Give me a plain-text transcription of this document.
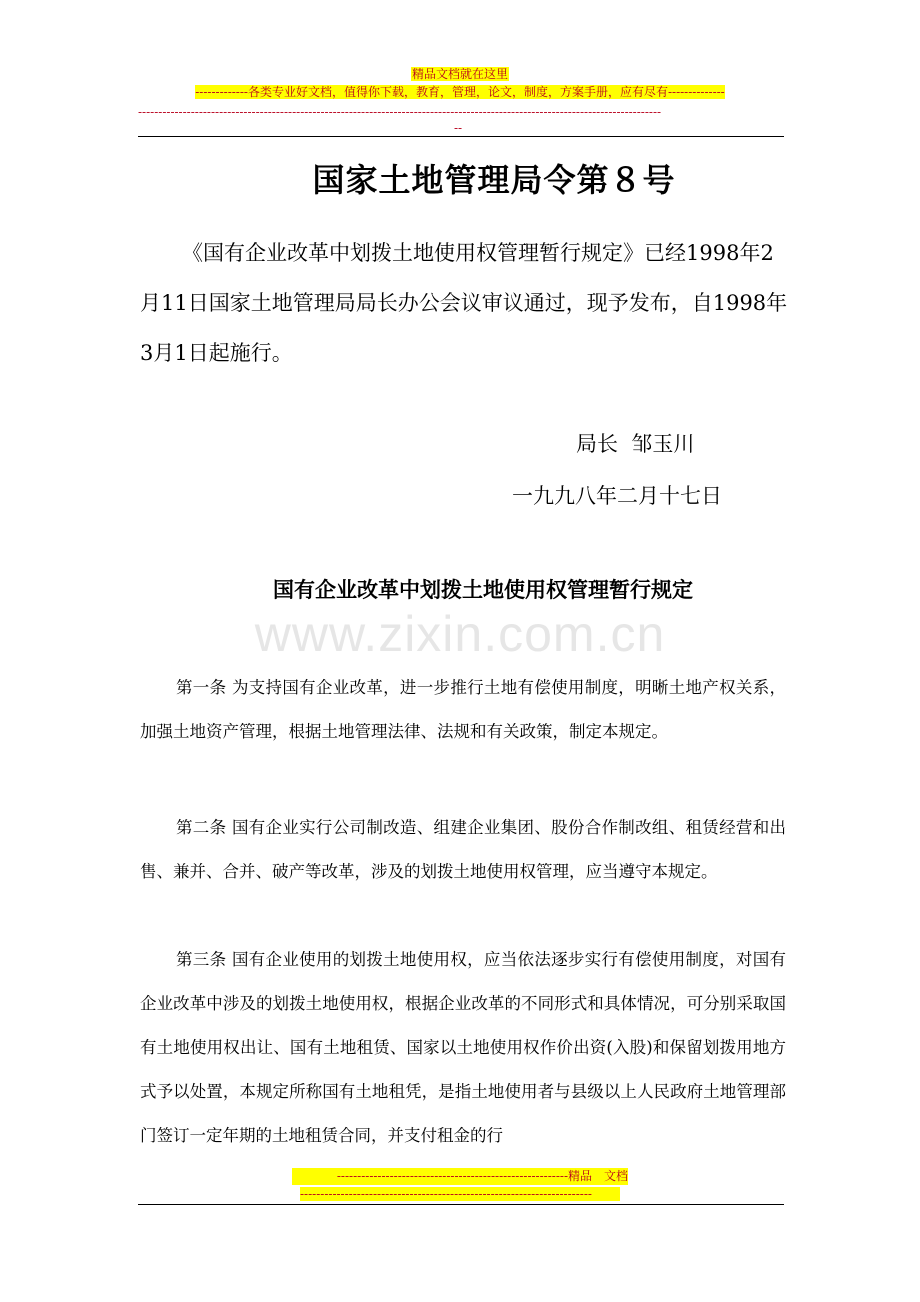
精品文档就在这里
-------------各类专业好文档，值得你下载，教育，管理，论文，制度，方案手册，应有尽有--------------
---------------------------------------------------------------------------------------------------------------------------------
--
国家土地管理局令第８号
《国有企业改革中划拨土地使用权管理暂行规定》已经1998年2月11日国家土地管理局局长办公会议审议通过，现予发布，自1998年3月1日起施行。
局长  邹玉川
一九九八年二月十七日
国有企业改革中划拨土地使用权管理暂行规定
www.zixin.com.cn
第一条 为支持国有企业改革，进一步推行土地有偿使用制度，明晰土地产权关系，加强土地资产管理，根据土地管理法律、法规和有关政策，制定本规定。
第二条 国有企业实行公司制改造、组建企业集团、股份合作制改组、租赁经营和出售、兼并、合并、破产等改革，涉及的划拨土地使用权管理，应当遵守本规定。
第三条 国有企业使用的划拨土地使用权，应当依法逐步实行有偿使用制度，对国有企业改革中涉及的划拨土地使用权，根据企业改革的不同形式和具体情况，可分别采取国有土地使用权出让、国有土地租赁、国家以土地使用权作价出资(入股)和保留划拨用地方式予以处置，本规定所称国有土地租凭，是指土地使用者与县级以上人民政府土地管理部门签订一定年期的土地租赁合同，并支付租金的行
---------------------------------------------------------精品　文档
------------------------------------------------------------------------
